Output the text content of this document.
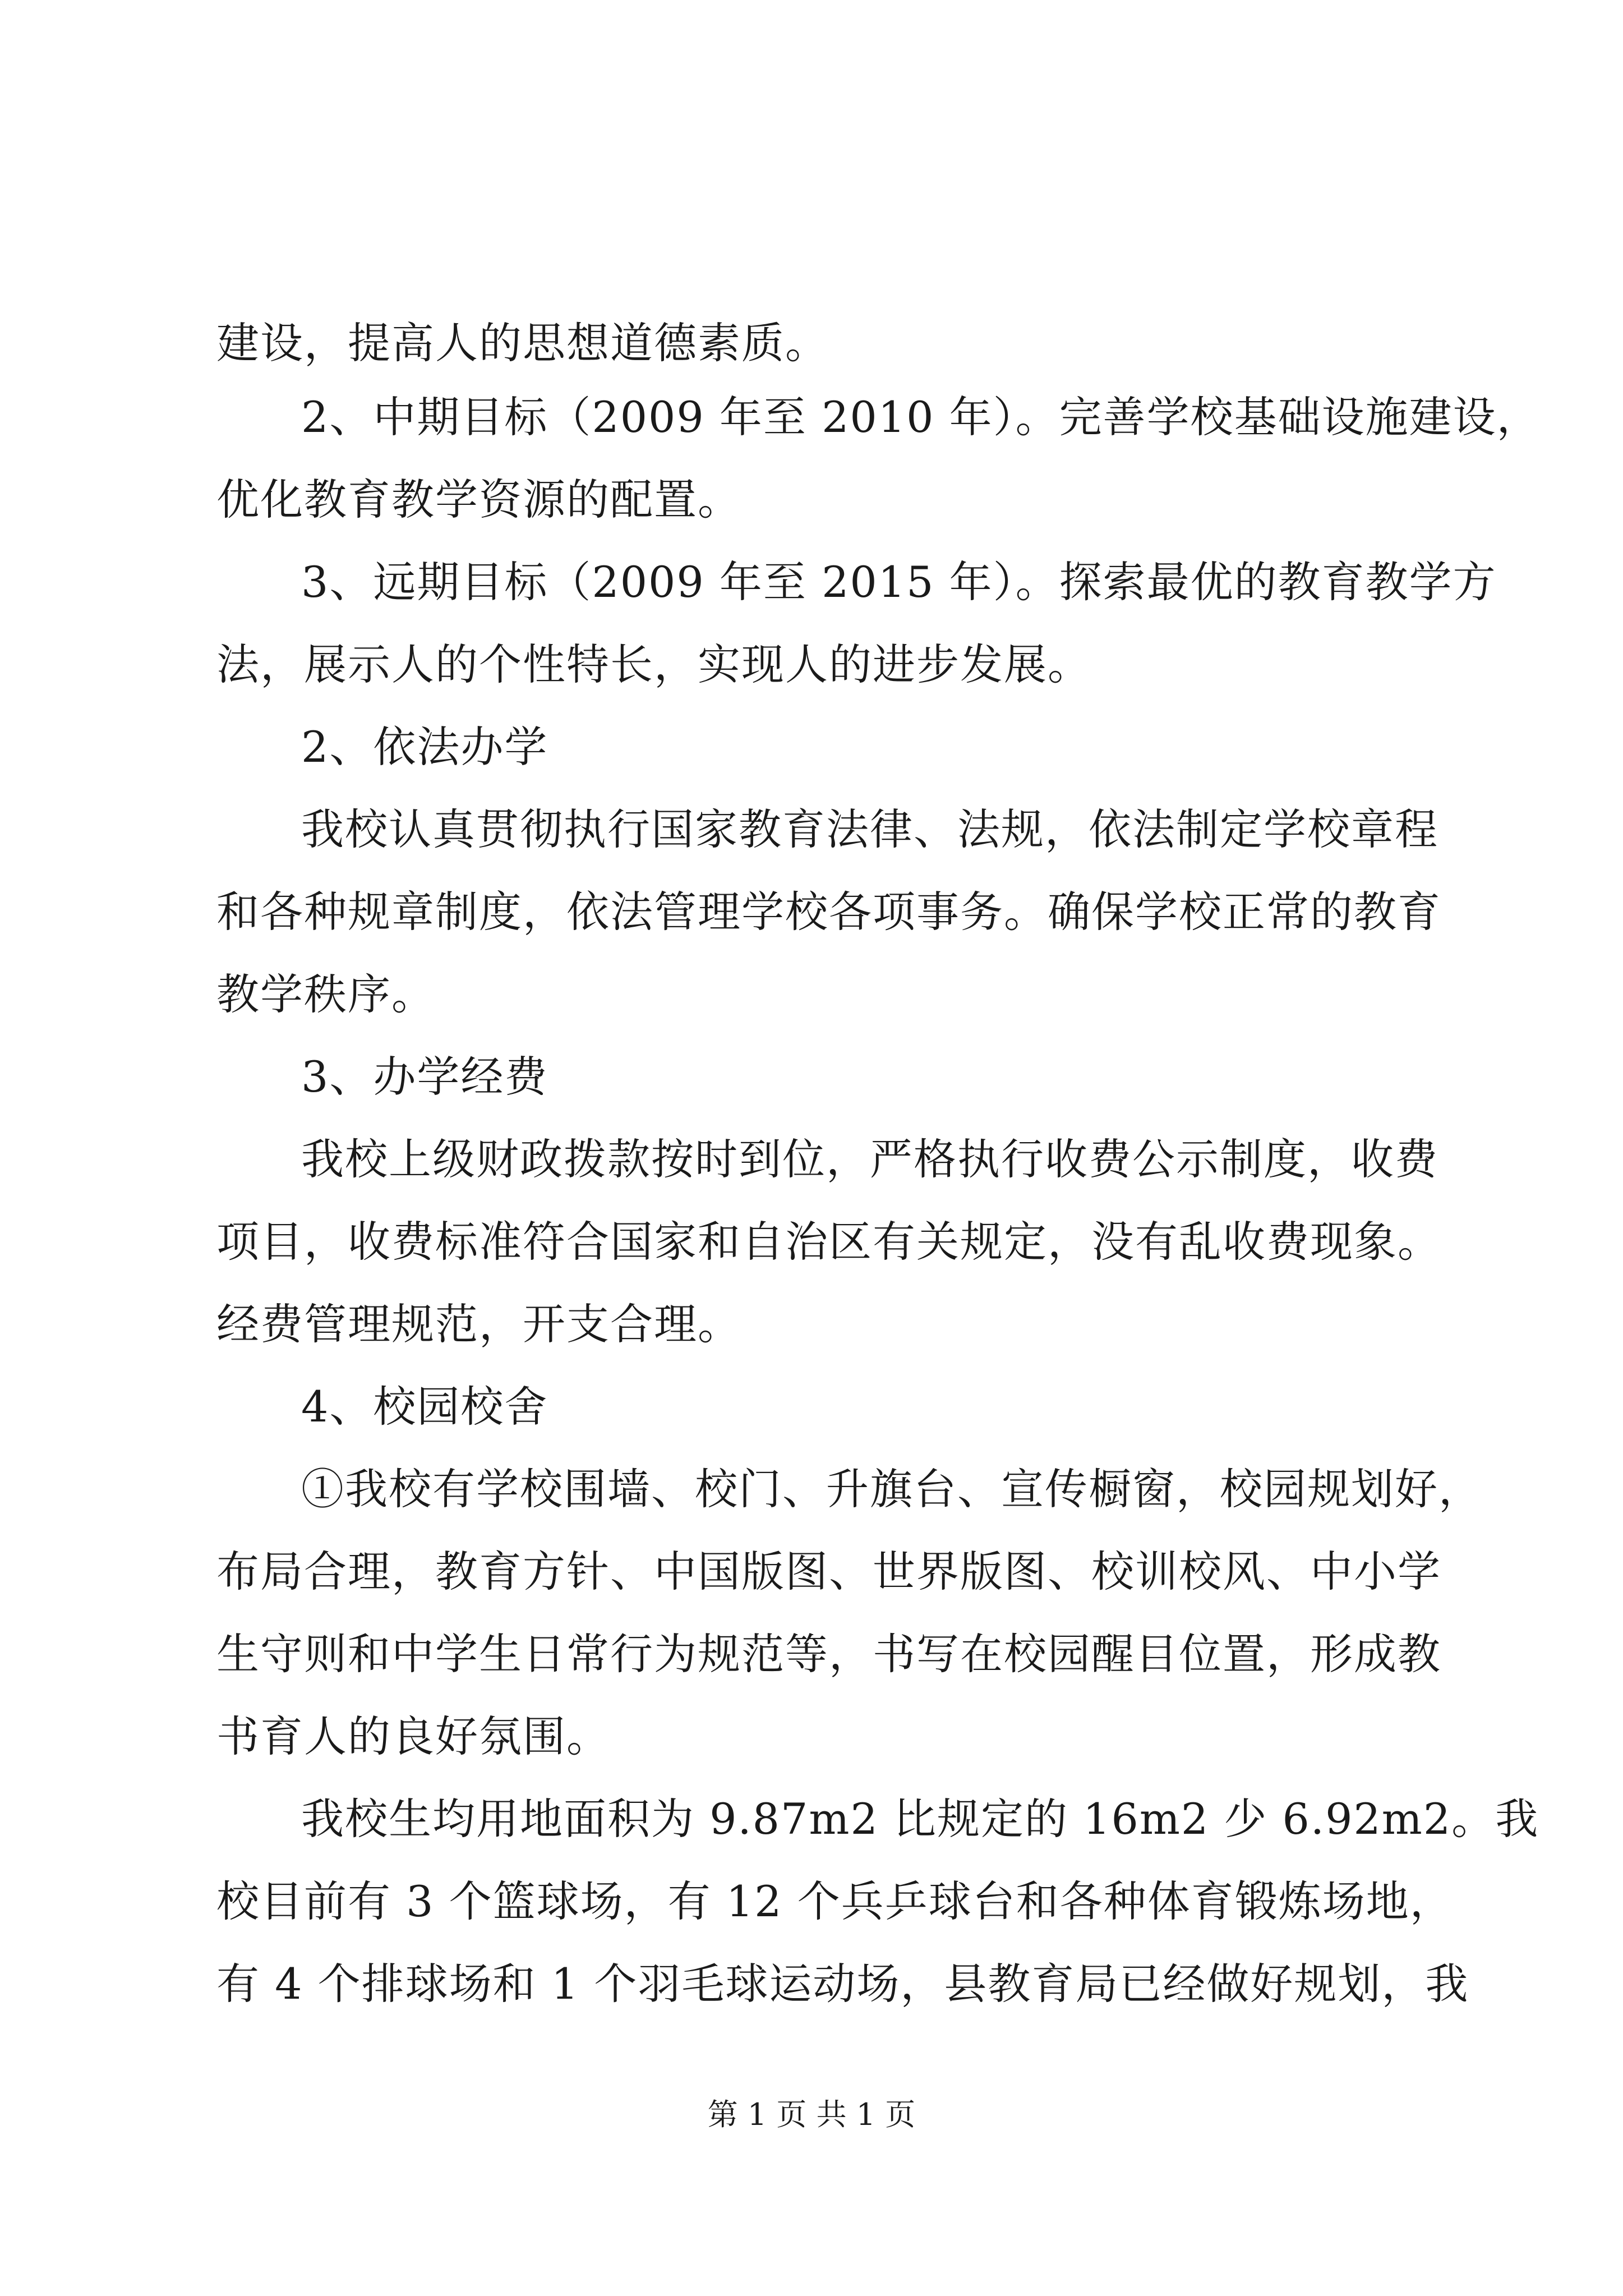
建设，提高人的思想道德素质。
2、中期目标（2009 年至 2010 年）。完善学校基础设施建设，
优化教育教学资源的配置。
3、远期目标（2009 年至 2015 年）。探索最优的教育教学方
法，展示人的个性特长，实现人的进步发展。
2、依法办学
我校认真贯彻执行国家教育法律、法规，依法制定学校章程
和各种规章制度，依法管理学校各项事务。确保学校正常的教育
教学秩序。
3、办学经费
我校上级财政拨款按时到位，严格执行收费公示制度，收费
项目，收费标准符合国家和自治区有关规定，没有乱收费现象。
经费管理规范，开支合理。
4、校园校舍
①我校有学校围墙、校门、升旗台、宣传橱窗，校园规划好，
布局合理，教育方针、中国版图、世界版图、校训校风、中小学
生守则和中学生日常行为规范等，书写在校园醒目位置，形成教
书育人的良好氛围。
我校生均用地面积为 9.87m2 比规定的 16m2 少 6.92m2。我
校目前有 3 个篮球场，有 12 个兵乒球台和各种体育锻炼场地，
有 4 个排球场和 1 个羽毛球运动场，县教育局已经做好规划，我
第 1 页 共 1 页
